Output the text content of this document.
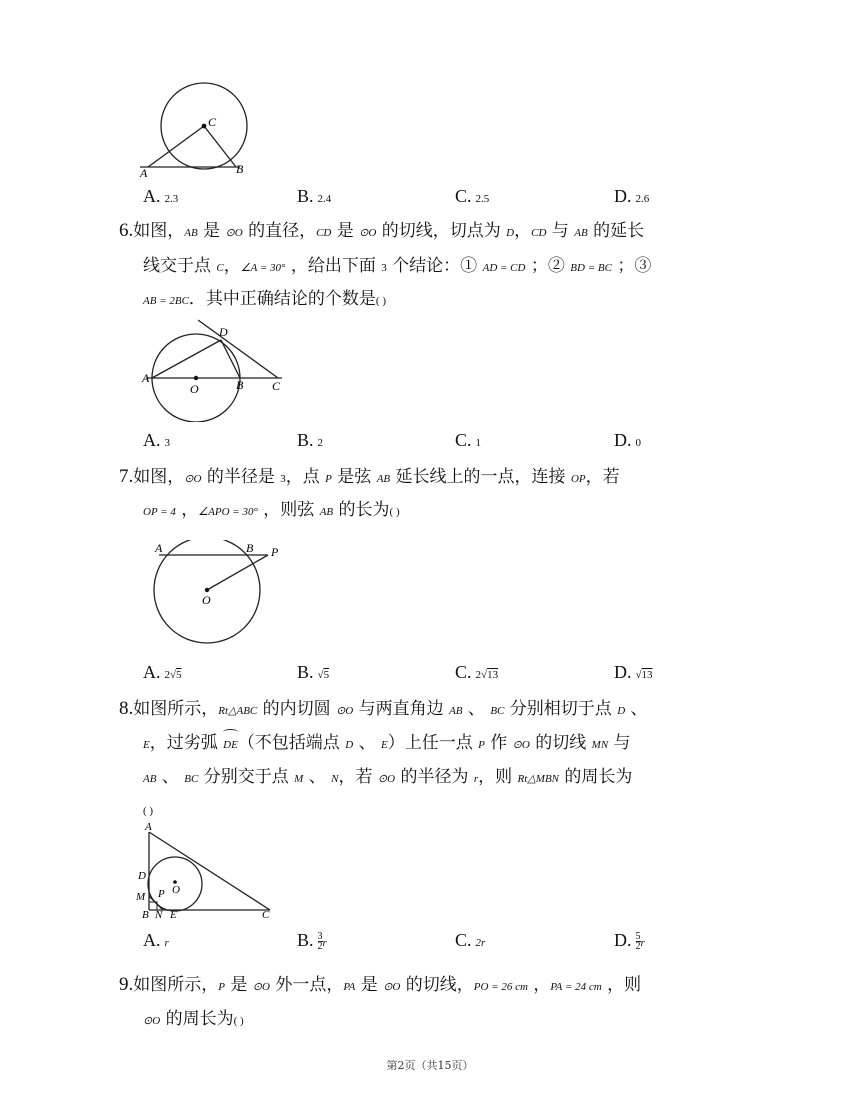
A	B
C
A. 2.3	B. 2.4	C. 2.5	D. 2.6
6.如图，AB 是 ⊙O 的直径，CD 是 ⊙O 的切线，切点为 D，CD 与 AB 的延长
线交于点 C，∠A = 30° ，给出下面 3 个结论：① AD = CD ；② BD = BC ；③
AB = 2BC．其中正确结论的个数是( )
A
O	B C
D
A. 3	B. 2	C. 1	D. 0
7.如图，⊙O 的半径是 3，点 P 是弦 AB 延长线上的一点，连接 OP，若
OP = 4 ，∠APO = 30° ，则弦 AB 的长为( )
A	B P
O
A. 2√5	B. √5	C. 2√13	D. √13
8.如图所示，Rt△ABC 的内切圆 ⊙O 与两直角边 AB 、 BC 分别相切于点 D 、
E，过劣弧
DE（不包括端点 D 、 E）上任一点 P 作 ⊙O 的切线 MN 与
AB 、 BC 分别交于点 M 、 N，若 ⊙O 的半径为 r，则 Rt△MBN 的周长为
( )
A
D
P O
M
B N E	C
A. r	B. $\frac{3}{2}$ r	C. 2r	D. $\frac{5}{2}$ r
9.如图所示，P 是 ⊙O 外一点，PA 是 ⊙O 的切线，PO = 26 cm ，PA = 24 cm ，则
⊙O 的周长为( )
第2页（共15页）
